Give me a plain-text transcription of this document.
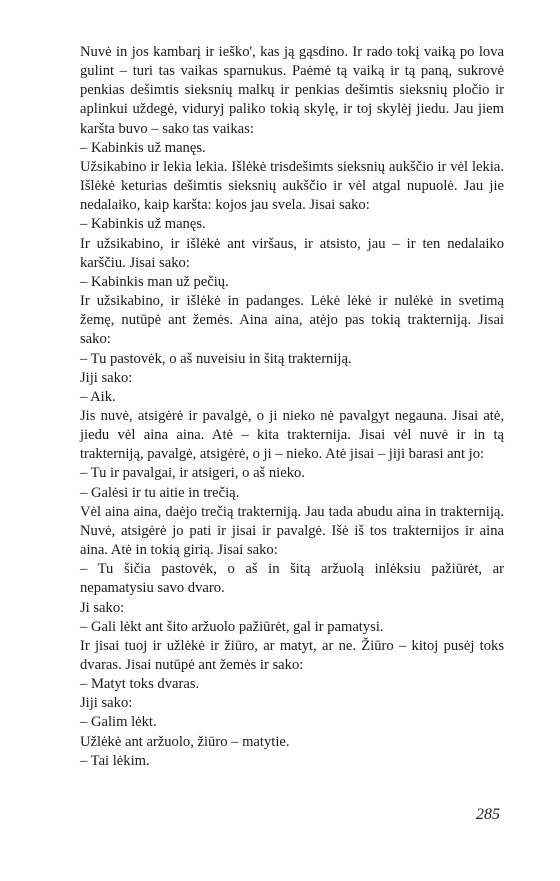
Nuvė in jos kambarį ir ieško', kas ją gąsdino. Ir rado tokį vaiką po lova gulint – turi tas vaikas sparnukus. Paėmė tą vaiką ir tą paną, sukrovė penkias dešimtis sieksnių malkų ir penkias dešimtis sieksnių pločio ir aplinkui uždegė, viduryj paliko tokią skylę, ir toj skylėj jiedu. Jau jiem karšta buvo – sako tas vaikas:

– Kabinkis už manęs.

Užsikabino ir lekia lekia. Išlėkė trisdešimts sieksnių aukščio ir vėl lekia. Išlėkė keturias dešimtis sieksnių aukščio ir vėl atgal nupuolė. Jau jie nedalaiko, kaip karšta: kojos jau svela. Jisai sako:

– Kabinkis už manęs.

Ir užsikabino, ir išlėkė ant viršaus, ir atsisto, jau – ir ten nedalaiko karščiu. Jisai sako:

– Kabinkis man už pečių.

Ir užsikabino, ir išlėkė in padanges. Lėkė lėkė ir nulėkė in svetimą žemę, nutūpė ant žemės. Aina aina, atėjo pas tokią trakterniją. Jisai sako:

– Tu pastovėk, o aš nuveisiu in šitą trakterniją.

Jiji sako:

– Aik.

Jis nuvė, atsigėrė ir pavalgė, o ji nieko nė pavalgyt negauna. Jisai atė, jiedu vėl aina aina. Atė – kita trakternija. Jisai vėl nuvė ir in tą trakterniją, pavalgė, atsigėrė, o ji – nieko. Atė jisai – jiji barasi ant jo:

– Tu ir pavalgai, ir atsigeri, o aš nieko.

– Galėsi ir tu aitie in trečią.

Vėl aina aina, daėjo trečią trakterniją. Jau tada abudu aina in trakterniją. Nuvė, atsigėrė jo pati ir jisai ir pavalgė. Išė iš tos trakternijos ir aina aina. Atė in tokią girią. Jisai sako:

– Tu šičia pastovėk, o aš in šitą aržuolą inlėksiu pažiūrėt, ar nepamatysiu savo dvaro.

Ji sako:

– Gali lėkt ant šito aržuolo pažiūrėt, gal ir pamatysi.

Ir jisai tuoj ir užlėkė ir žiūro, ar matyt, ar ne. Žiūro – kitoj pusėj toks dvaras. Jisai nutūpė ant žemės ir sako:

– Matyt toks dvaras.

Jiji sako:

– Galim lėkt.

Užlėkė ant aržuolo, žiūro – matytie.

– Tai lėkim.

285
